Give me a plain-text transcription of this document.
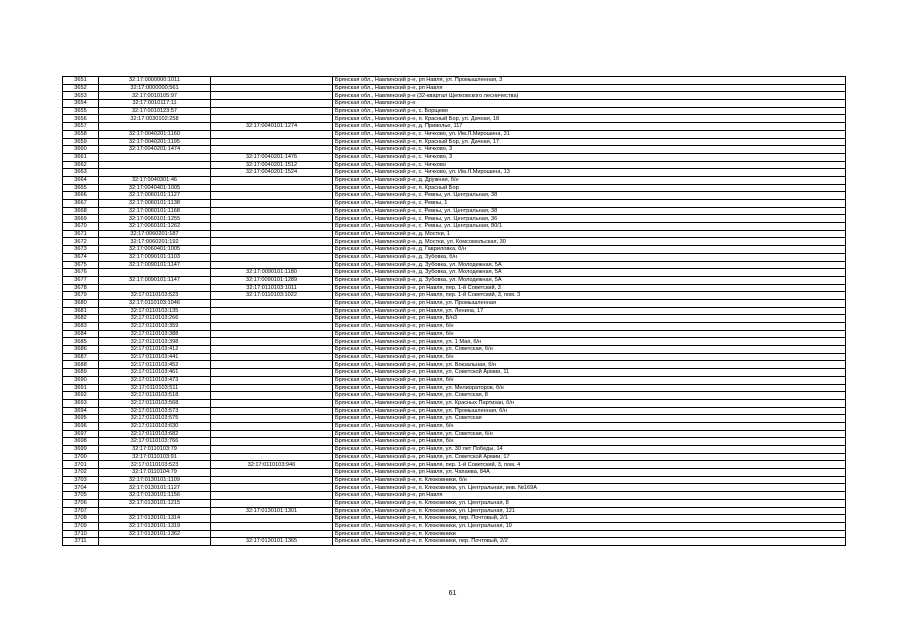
3651	32:17:0000000:1011		Брянская обл., Навлинский р-н, рп Навля, ул. Промышленная, 3
3652	32:17:0000000:561		Брянская обл., Навлинский р-н, рп Навля
3653	32:17:0010105:97		Брянская обл., Навлинский р-н (32-квартал Щепковского лесничества)
3654	32:17:0010117:11		Брянская обл., Навлинский р-н
3655	32:17:0010123:57		Брянская обл., Навлинский р-н, с. Борщево
3656	32:17:0030102:258		Брянская обл., Навлинский р-н, п. Красный Бор, ул. Дачная, 18
3657		32:17:0040101:1274	Брянская обл., Навлинский р-н, д. Приволье, 117
3658	32:17:0040201:1160		Брянская обл., Навлинский р-н, с. Чичково, ул. Им.Л.Мирошина, 31
3659	32:17:0040201:1195		Брянская обл., Навлинский р-н, п. Красный Бор, ул. Дачная, 17
3660	32:17:0040201:1474		Брянская обл., Навлинский р-н, с. Чичково, 3
3661		32:17:0040201:1476	Брянская обл., Навлинский р-н, с. Чичково, 3
3662		32:17:0040201:1512	Брянская обл., Навлинский р-н, с. Чичково
3663		32:17:0040201:1524	Брянская обл., Навлинский р-н, с. Чичково, ул. Им.Л.Мирошина, 13
3664	32:17:0040301:46		Брянская обл., Навлинский р-н, д. Дружная, б/н
3665	32:17:0040401:1005		Брянская обл., Навлинский р-н, п. Красный Бор
3666	32:17:0060101:1127		Брянская обл., Навлинский р-н, с. Ревны, ул. Центральная, 38
3667	32:17:0060101:1138		Брянская обл., Навлинский р-н, с. Ревны, 1
3668	32:17:0060101:1168		Брянская обл., Навлинский р-н, с. Ревны, ул. Центральная, 38
3669	32:17:0060101:1255		Брянская обл., Навлинский р-н, с. Ревны, ул. Центральная, 36
3670	32:17:0060101:1262		Брянская обл., Навлинский р-н, с. Ревны, ул. Центральная, 80/1
3671	32:17:0060201:187		Брянская обл., Навлинский р-н, д. Мостки, 1
3672	32:17:0060201:192		Брянская обл., Навлинский р-н, д. Мостки, ул. Комсомольская, 30
3673	32:17:0060401:1005		Брянская обл., Навлинский р-н, д. Гавриловка, б/н
3674	32:17:0090101:1103		Брянская обл., Навлинский р-н, д. Зубовка, б/н
3675	32:17:0090101:1147		Брянская обл., Навлинский р-н, д. Зубовка, ул. Молодежная, 5А
3676		32:17:0090101:1180	Брянская обл., Навлинский р-н, д. Зубовка, ул. Молодежная, 5А
3677	32:17:0090101:1147	32:17:0090101:1289	Брянская обл., Навлинский р-н, д. Зубовка, ул. Молодежная, 5А
3678		32:17:0110103:1011	Брянская обл., Навлинский р-н, рп Навля, пер. 1-й Советский, 3
3679	32:17:0110103:523	32:17:0110103:1022	Брянская обл., Навлинский р-н, рп Навля, пер. 1-й Советский, 3, пом. 3
3680	32:17:0110103:1046		Брянская обл., Навлинский р-н, рп Навля, ул. Промышленная
3681	32:17:0110103:135		Брянская обл., Навлинский р-н, рп Навля, ул. Ленина, 17
3682	32:17:0110103:266		Брянская обл., Навлинский р-н, рп Навля, Б/н3
3683	32:17:0110103:359		Брянская обл., Навлинский р-н, рп Навля, б/н
3684	32:17:0110103:388		Брянская обл., Навлинский р-н, рп Навля, б/н
3685	32:17:0110103:398		Брянская обл., Навлинский р-н, рп Навля, ул. 1 Мая, б/н
3686	32:17:0110103:412		Брянская обл., Навлинский р-н, рп Навля, ул. Советская, б/н
3687	32:17:0110103:441		Брянская обл., Навлинский р-н, рп Навля, б/н
3688	32:17:0110103:452		Брянская обл., Навлинский р-н, рп Навля, ул. Вокзальная, б/н
3689	32:17:0110103:461		Брянская обл., Навлинский р-н, рп Навля, ул. Советской Армии, 11
3690	32:17:0110103:473		Брянская обл., Навлинский р-н, рп Навля, б/н
3691	32:17:0110103:511		Брянская обл., Навлинский р-н, рп Навля, ул. Мелиораторов, б/н
3692	32:17:0110103:518		Брянская обл., Навлинский р-н, рп Навля, ул. Советская, 8
3693	32:17:0110103:568		Брянская обл., Навлинский р-н, рп Навля, ул. Красных Партизан, б/н
3694	32:17:0110103:573		Брянская обл., Навлинский р-н, рп Навля, ул. Промышленная, б/н
3695	32:17:0110103:575		Брянская обл., Навлинский р-н, рп Навля, ул. Советская
3696	32:17:0110103:630		Брянская обл., Навлинский р-н, рп Навля, б/н
3697	32:17:0110103:682		Брянская обл., Навлинский р-н, рп Навля, ул. Советская, б/н
3698	32:17:0110103:766		Брянская обл., Навлинский р-н, рп Навля, б/н
3699	32:17:0110103:79		Брянская обл., Навлинский р-н, рп Навля, ул. 30 лет Победы, 14
3700	32:17:0110103:91		Брянская обл., Навлинский р-н, рп Навля, ул. Советской Армии, 17
3701	32:17:0110103:523	32:17:0110103:946	Брянская обл., Навлинский р-н, рп Навля, пер. 1-й Советский, 3, пом. 4
3702	32:17:0110104:79		Брянская обл., Навлинский р-н, рп Навля, ул. Чапаева, 84А
3703	32:17:0130101:1109		Брянская обл., Навлинский р-н, п. Клюковники, б/н
3704	32:17:0130101:1127		Брянская обл., Навлинский р-н, п. Клюковники, ул. Центральная, инв. №169А
3705	32:17:0130101:1156		Брянская обл., Навлинский р-н, рп Навля
3706	32:17:0130101:1215		Брянская обл., Навлинский р-н, п. Клюковники, ул. Центральная, 8
3707		32:17:0130101:1301	Брянская обл., Навлинский р-н, п. Клюковники, ул. Центральная, 121
3708	32:17:0130101:1314		Брянская обл., Навлинский р-н, п. Клюковники, пер. Почтовый, 2/1
3709	32:17:0130101:1319		Брянская обл., Навлинский р-н, п. Клюковники, ул. Центральная, 10
3710	32:17:0130101:1362		Брянская обл., Навлинский р-н, п. Клюковники
3711		32:17:0130101:1365	Брянская обл., Навлинский р-н, п. Клюковники, пер. Почтовый, 2/2
61
